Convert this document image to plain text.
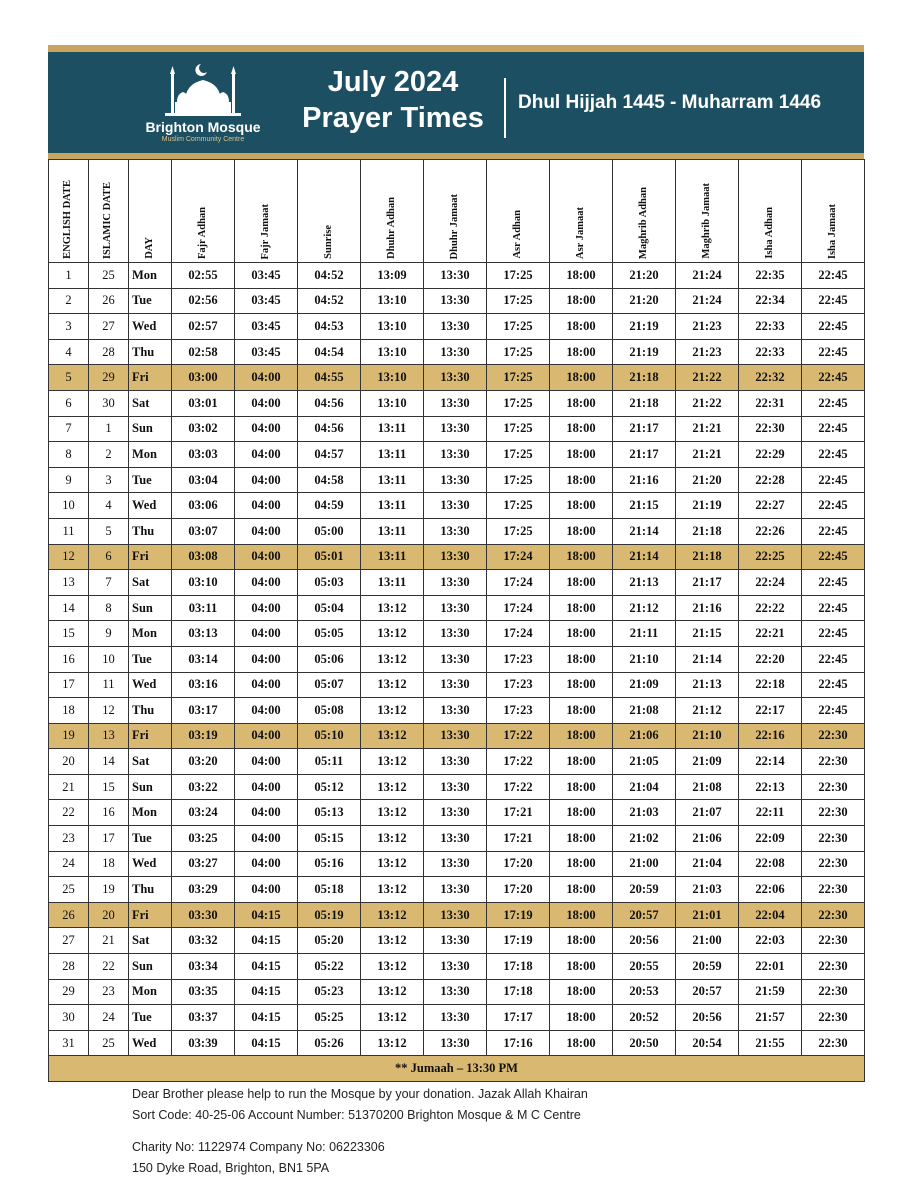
Brighton Mosque
Muslim Community Centre
July 2024
Prayer Times	Dhul Hijjah 1445 - Muharram 1446
ENGLISH DATE	ISLAMIC DATE	DAY	Fajr Adhan	Fajr Jamaat	Sunrise	Dhuhr Adhan	Dhuhr Jamaat	Asr Adhan	Asr Jamaat	Maghrib Adhan	Maghrib Jamaat	Isha Adhan	Isha Jamaat
1	25	Mon	02:55	03:45	04:52	13:09	13:30	17:25	18:00	21:20	21:24	22:35	22:45
2	26	Tue	02:56	03:45	04:52	13:10	13:30	17:25	18:00	21:20	21:24	22:34	22:45
3	27	Wed	02:57	03:45	04:53	13:10	13:30	17:25	18:00	21:19	21:23	22:33	22:45
4	28	Thu	02:58	03:45	04:54	13:10	13:30	17:25	18:00	21:19	21:23	22:33	22:45
5	29	Fri	03:00	04:00	04:55	13:10	13:30	17:25	18:00	21:18	21:22	22:32	22:45
6	30	Sat	03:01	04:00	04:56	13:10	13:30	17:25	18:00	21:18	21:22	22:31	22:45
7	1	Sun	03:02	04:00	04:56	13:11	13:30	17:25	18:00	21:17	21:21	22:30	22:45
8	2	Mon	03:03	04:00	04:57	13:11	13:30	17:25	18:00	21:17	21:21	22:29	22:45
9	3	Tue	03:04	04:00	04:58	13:11	13:30	17:25	18:00	21:16	21:20	22:28	22:45
10	4	Wed	03:06	04:00	04:59	13:11	13:30	17:25	18:00	21:15	21:19	22:27	22:45
11	5	Thu	03:07	04:00	05:00	13:11	13:30	17:25	18:00	21:14	21:18	22:26	22:45
12	6	Fri	03:08	04:00	05:01	13:11	13:30	17:24	18:00	21:14	21:18	22:25	22:45
13	7	Sat	03:10	04:00	05:03	13:11	13:30	17:24	18:00	21:13	21:17	22:24	22:45
14	8	Sun	03:11	04:00	05:04	13:12	13:30	17:24	18:00	21:12	21:16	22:22	22:45
15	9	Mon	03:13	04:00	05:05	13:12	13:30	17:24	18:00	21:11	21:15	22:21	22:45
16	10	Tue	03:14	04:00	05:06	13:12	13:30	17:23	18:00	21:10	21:14	22:20	22:45
17	11	Wed	03:16	04:00	05:07	13:12	13:30	17:23	18:00	21:09	21:13	22:18	22:45
18	12	Thu	03:17	04:00	05:08	13:12	13:30	17:23	18:00	21:08	21:12	22:17	22:45
19	13	Fri	03:19	04:00	05:10	13:12	13:30	17:22	18:00	21:06	21:10	22:16	22:30
20	14	Sat	03:20	04:00	05:11	13:12	13:30	17:22	18:00	21:05	21:09	22:14	22:30
21	15	Sun	03:22	04:00	05:12	13:12	13:30	17:22	18:00	21:04	21:08	22:13	22:30
22	16	Mon	03:24	04:00	05:13	13:12	13:30	17:21	18:00	21:03	21:07	22:11	22:30
23	17	Tue	03:25	04:00	05:15	13:12	13:30	17:21	18:00	21:02	21:06	22:09	22:30
24	18	Wed	03:27	04:00	05:16	13:12	13:30	17:20	18:00	21:00	21:04	22:08	22:30
25	19	Thu	03:29	04:00	05:18	13:12	13:30	17:20	18:00	20:59	21:03	22:06	22:30
26	20	Fri	03:30	04:15	05:19	13:12	13:30	17:19	18:00	20:57	21:01	22:04	22:30
27	21	Sat	03:32	04:15	05:20	13:12	13:30	17:19	18:00	20:56	21:00	22:03	22:30
28	22	Sun	03:34	04:15	05:22	13:12	13:30	17:18	18:00	20:55	20:59	22:01	22:30
29	23	Mon	03:35	04:15	05:23	13:12	13:30	17:18	18:00	20:53	20:57	21:59	22:30
30	24	Tue	03:37	04:15	05:25	13:12	13:30	17:17	18:00	20:52	20:56	21:57	22:30
31	25	Wed	03:39	04:15	05:26	13:12	13:30	17:16	18:00	20:50	20:54	21:55	22:30
** Jumaah – 13:30 PM													
Dear Brother please help to run the Mosque by your donation. Jazak Allah Khairan
Sort Code: 40-25-06 Account Number: 51370200 Brighton Mosque & M C Centre
Charity No: 1122974 Company No: 06223306
150 Dyke Road, Brighton, BN1 5PA
